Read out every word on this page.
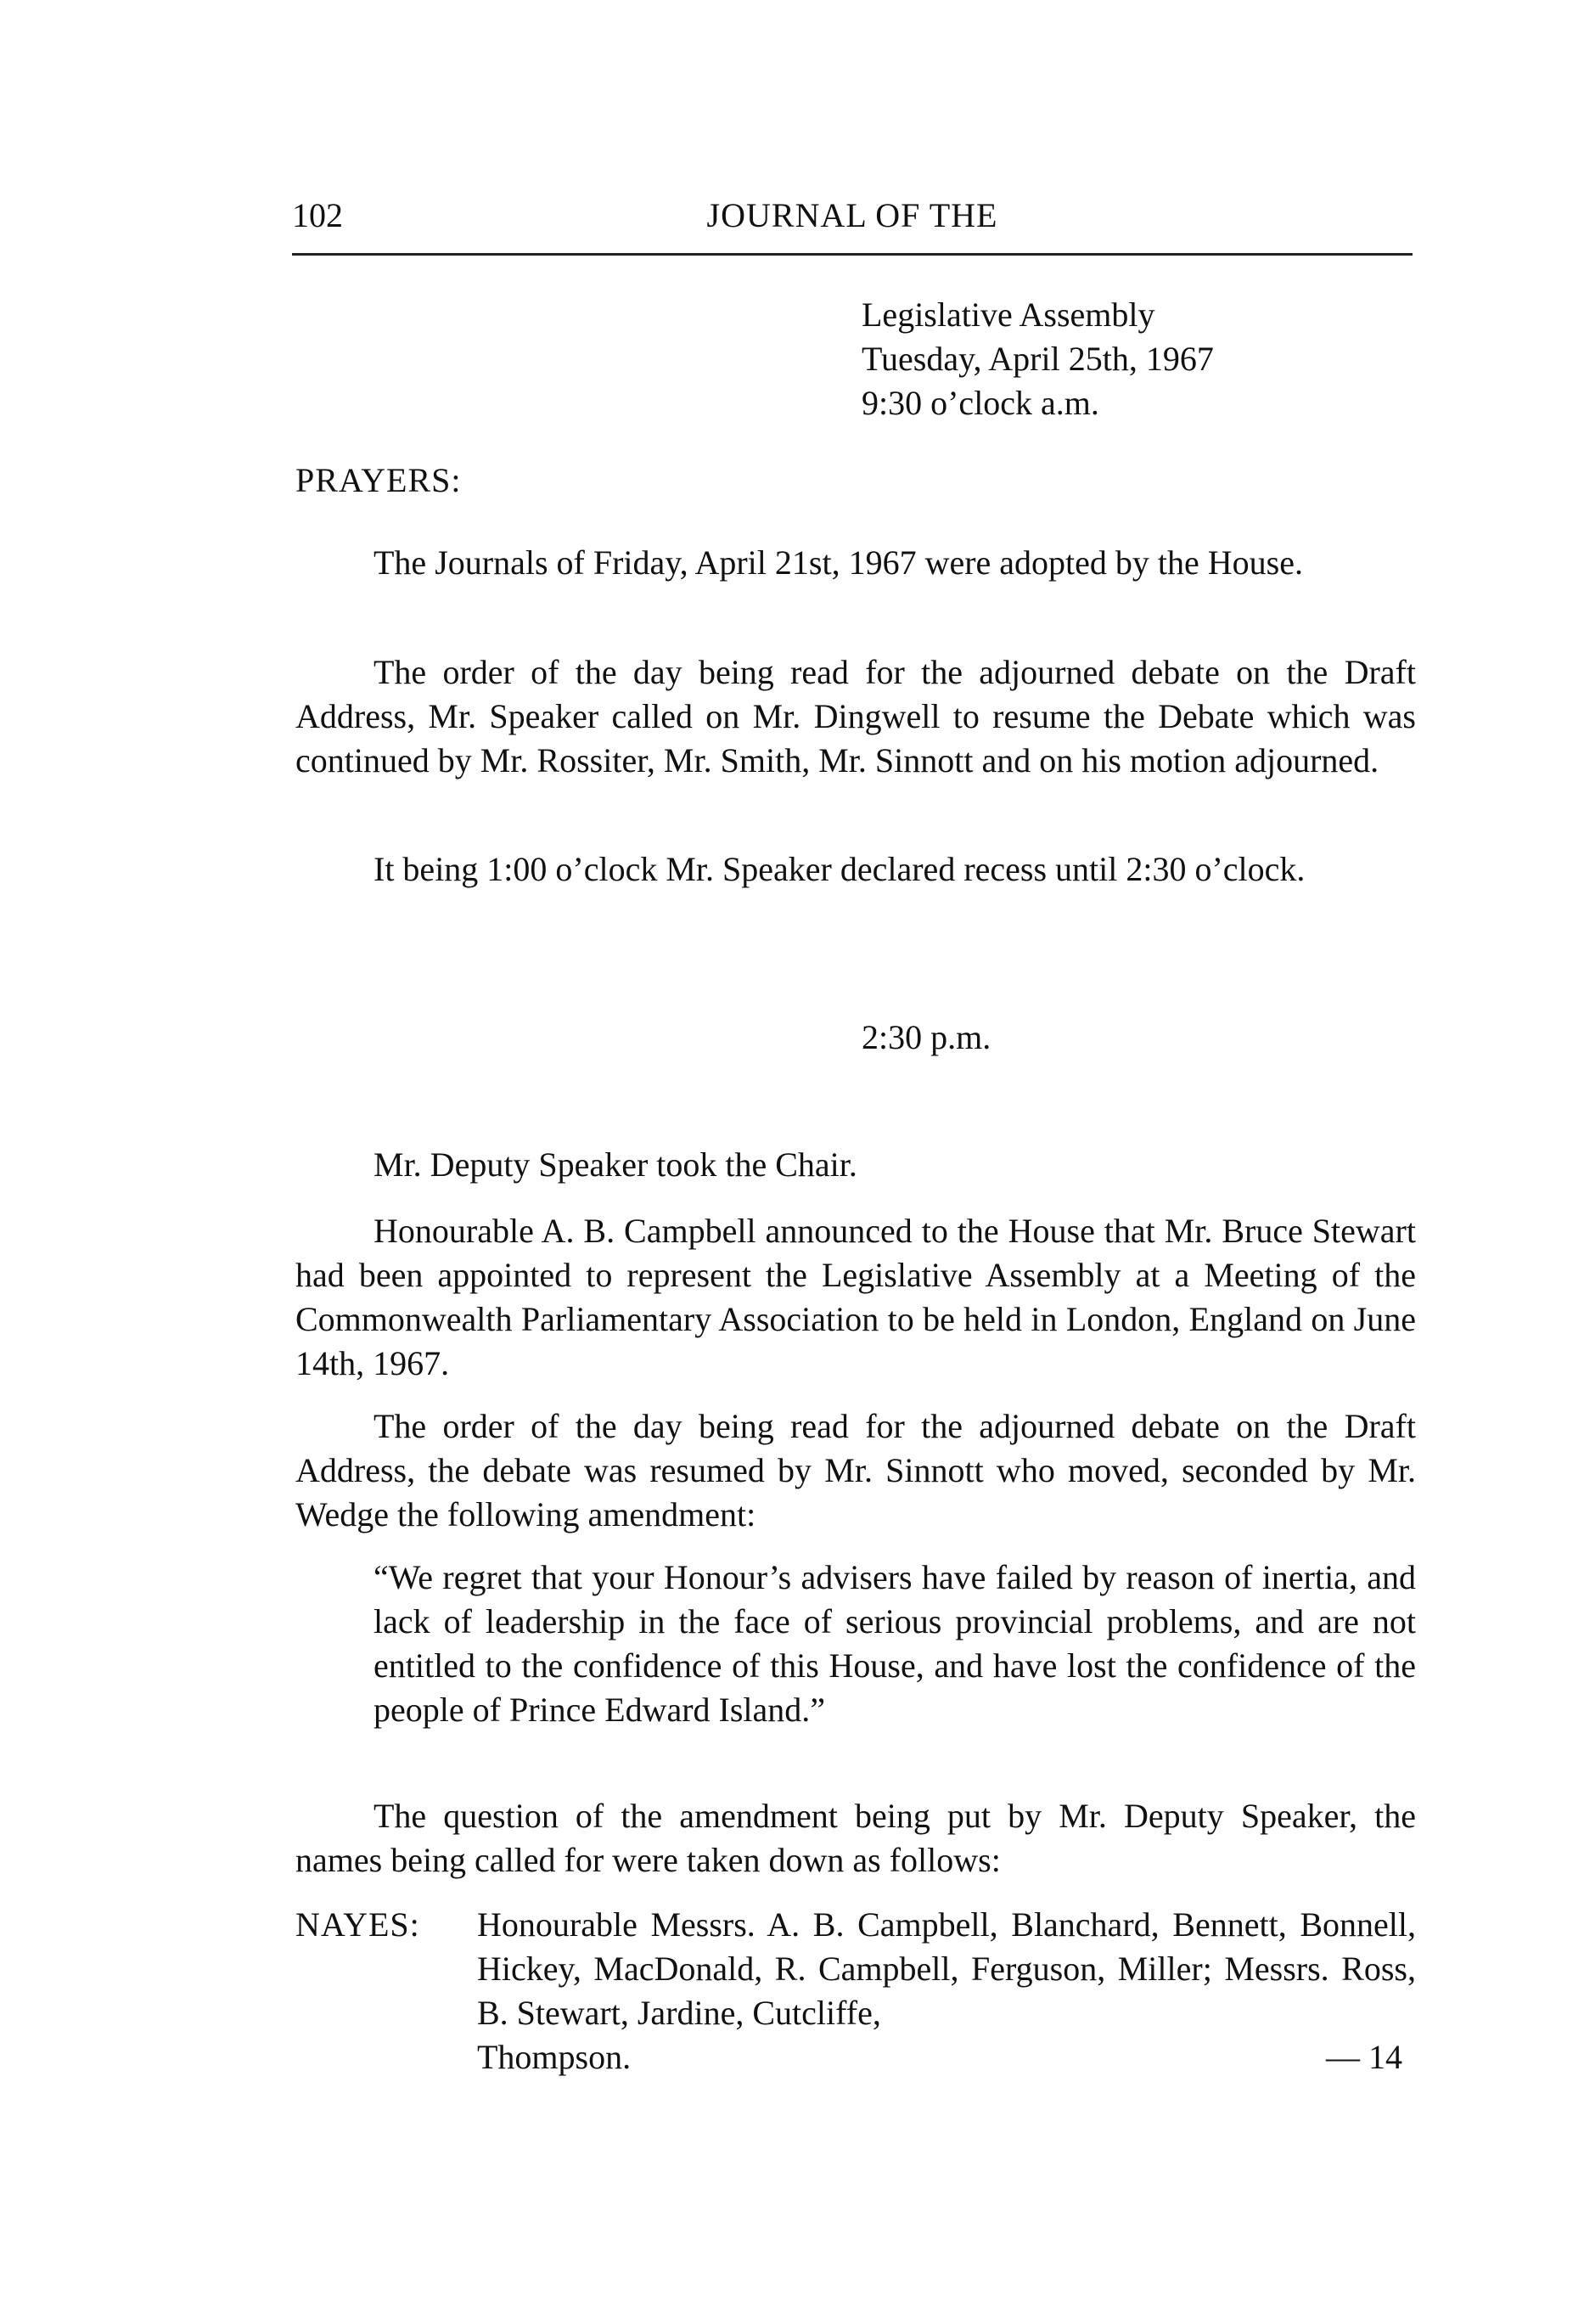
102	JOURNAL OF THE
Legislative Assembly
Tuesday, April 25th, 1967
9:30 o’clock a.m.
PRAYERS:

The Journals of Friday, April 21st, 1967 were adopted by the House.

The order of the day being read for the adjourned debate on the Draft Address, Mr. Speaker called on Mr. Dingwell to resume the Debate which was continued by Mr. Rossiter, Mr. Smith, Mr. Sinnott and on his motion adjourned.

It being 1:00 o’clock Mr. Speaker declared recess until 2:30 o’clock.

Mr. Deputy Speaker took the Chair.

Honourable A. B. Campbell announced to the House that Mr. Bruce Stewart had been appointed to represent the Legislative Assembly at a Meeting of the Commonwealth Parliamentary Association to be held in London, England on June 14th, 1967.

The order of the day being read for the adjourned debate on the Draft Address, the debate was resumed by Mr. Sinnott who moved, seconded by Mr. Wedge the following amendment:

The question of the amendment being put by Mr. Deputy Speaker, the names being called for were taken down as follows:

2:30 p.m.

“We regret that your Honour’s advisers have failed by reason of inertia, and lack of leadership in the face of serious provincial problems, and are not entitled to the confidence of this House, and have lost the confidence of the people of Prince Edward Island.”

NAYES: Honourable Messrs. A. B. Campbell, Blanchard, Bennett, Bonnell, Hickey, MacDonald, R. Campbell, Ferguson, Miller; Messrs. Ross, B. Stewart, Jardine, Cutcliffe,
Thompson.	— 14
